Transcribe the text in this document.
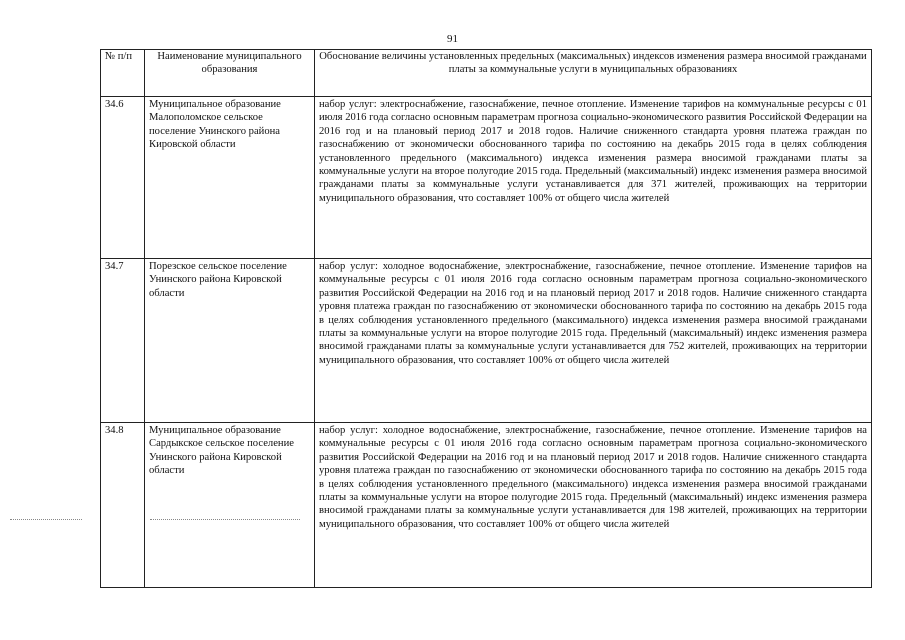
91
№ п/п	Наименование муниципального образования	Обоснование величины установленных предельных (максимальных) индексов изменения размера вносимой гражданами платы за коммунальные услуги в муниципальных образованиях
34.6	Муниципальное образование Малополомское сельское поселение Унинского района Кировской области	набор услуг: электроснабжение, газоснабжение, печное отопление. Изменение тарифов на коммунальные ресурсы с 01 июля 2016 года согласно основным параметрам прогноза социально-экономического развития Российской Федерации на 2016 год и на плановый период 2017 и 2018 годов. Наличие сниженного стандарта уровня платежа граждан по газоснабжению от экономически обоснованного тарифа по состоянию на декабрь 2015 года в целях соблюдения установленного предельного (максимального) индекса изменения размера вносимой гражданами платы за коммунальные услуги на второе полугодие 2015 года. Предельный (максимальный) индекс изменения размера вносимой гражданами платы за коммунальные услуги устанавливается для 371 жителей, проживающих на территории муниципального образования, что составляет 100% от общего числа жителей
34.7	Порезское сельское поселение Унинского района Кировской области	набор услуг: холодное водоснабжение, электроснабжение, газоснабжение, печное отопление. Изменение тарифов на коммунальные ресурсы с 01 июля 2016 года согласно основным параметрам прогноза социально-экономического развития Российской Федерации на 2016 год и на плановый период 2017 и 2018 годов. Наличие сниженного стандарта уровня платежа граждан по газоснабжению от экономически обоснованного тарифа по состоянию на декабрь 2015 года в целях соблюдения установленного предельного (максимального) индекса изменения размера вносимой гражданами платы за коммунальные услуги на второе полугодие 2015 года. Предельный (максимальный) индекс изменения размера вносимой гражданами платы за коммунальные услуги устанавливается для 752 жителей, проживающих на территории муниципального образования, что составляет 100% от общего числа жителей
34.8	Муниципальное образование Сардыкское сельское поселение Унинского района Кировской области	набор услуг: холодное водоснабжение, электроснабжение, газоснабжение, печное отопление. Изменение тарифов на коммунальные ресурсы с 01 июля 2016 года согласно основным параметрам прогноза социально-экономического развития Российской Федерации на 2016 год и на плановый период 2017 и 2018 годов. Наличие сниженного стандарта уровня платежа граждан по газоснабжению от экономически обоснованного тарифа по состоянию на декабрь 2015 года в целях соблюдения установленного предельного (максимального) индекса изменения размера вносимой гражданами платы за коммунальные услуги на второе полугодие 2015 года. Предельный (максимальный) индекс изменения размера вносимой гражданами платы за коммунальные услуги устанавливается для 198 жителей, проживающих на территории муниципального образования, что составляет 100% от общего числа жителей
